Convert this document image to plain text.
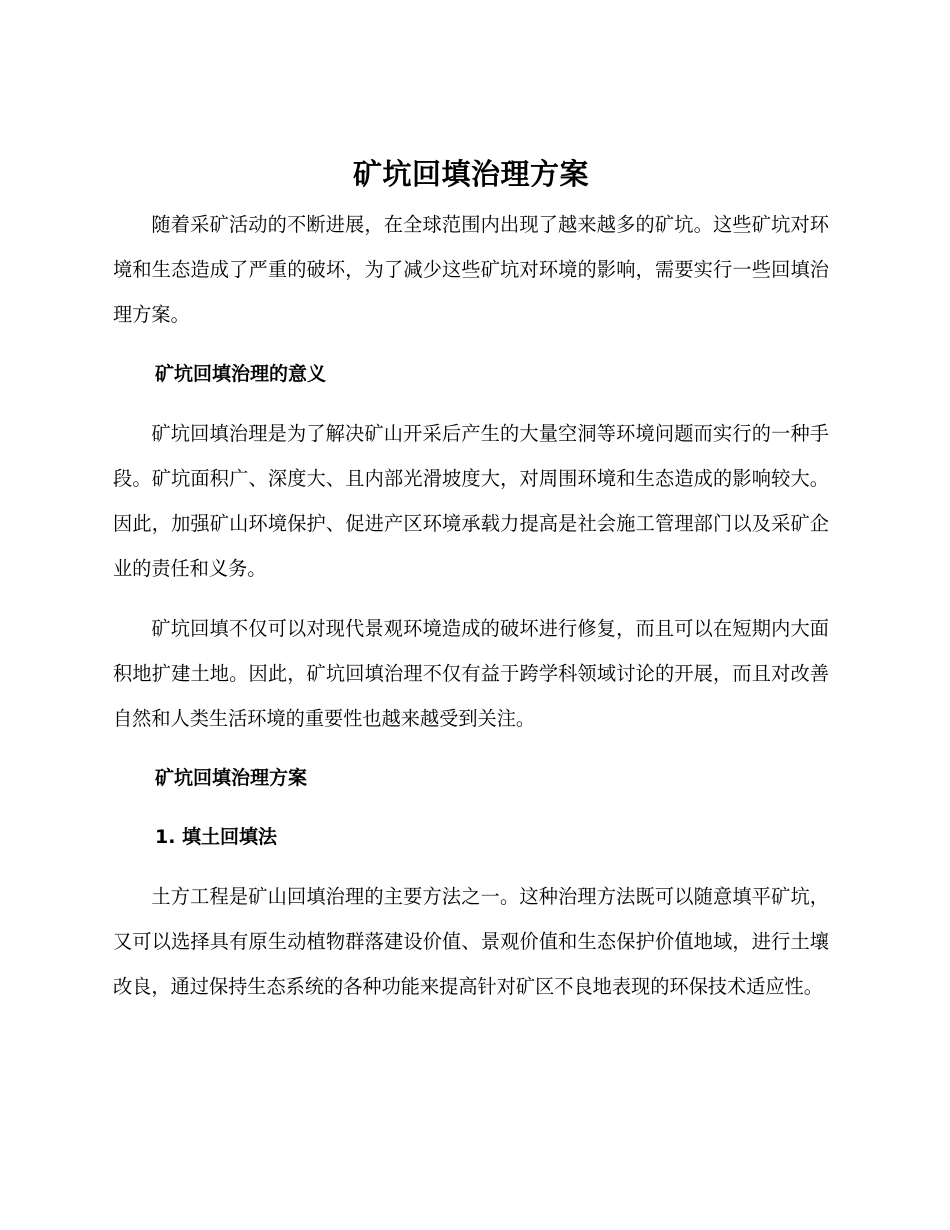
矿坑回填治理方案

随着采矿活动的不断进展，在全球范围内出现了越来越多的矿坑。这些矿坑对环境和生态造成了严重的破坏，为了减少这些矿坑对环境的影响，需要实行一些回填治理方案。

矿坑回填治理的意义

矿坑回填治理是为了解决矿山开采后产生的大量空洞等环境问题而实行的一种手段。矿坑面积广、深度大、且内部光滑坡度大，对周围环境和生态造成的影响较大。因此，加强矿山环境保护、促进产区环境承载力提高是社会施工管理部门以及采矿企业的责任和义务。

矿坑回填不仅可以对现代景观环境造成的破坏进行修复，而且可以在短期内大面积地扩建土地。因此，矿坑回填治理不仅有益于跨学科领域讨论的开展，而且对改善自然和人类生活环境的重要性也越来越受到关注。

矿坑回填治理方案
1. 填土回填法

土方工程是矿山回填治理的主要方法之一。这种治理方法既可以随意填平矿坑，又可以选择具有原生动植物群落建设价值、景观价值和生态保护价值地域，进行土壤改良，通过保持生态系统的各种功能来提高针对矿区不良地表现的环保技术适应性。
